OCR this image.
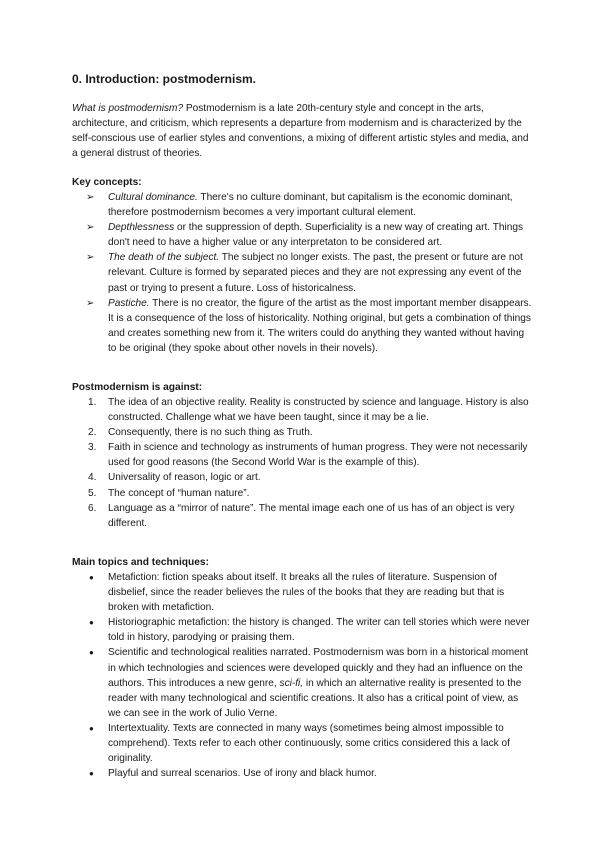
0. Introduction: postmodernism.

What is postmodernism? Postmodernism is a late 20th-century style and concept in the arts, architecture, and criticism, which represents a departure from modernism and is characterized by the self-conscious use of earlier styles and conventions, a mixing of different artistic styles and media, and a general distrust of theories.

Key concepts:

➢ Cultural dominance. There's no culture dominant, but capitalism is the economic dominant, therefore postmodernism becomes a very important cultural element.
➢ Depthlessness or the suppression of depth. Superficiality is a new way of creating art. Things don't need to have a higher value or any interpretaton to be considered art.
➢ The death of the subject. The subject no longer exists. The past, the present or future are not relevant. Culture is formed by separated pieces and they are not expressing any event of the past or trying to present a future. Loss of historicalness.
➢ Pastiche. There is no creator, the figure of the artist as the most important member disappears. It is a consequence of the loss of historicality. Nothing original, but gets a combination of things and creates something new from it. The writers could do anything they wanted without having to be original (they spoke about other novels in their novels).

Postmodernism is against:

1. The idea of an objective reality. Reality is constructed by science and language. History is also constructed. Challenge what we have been taught, since it may be a lie.
2. Consequently, there is no such thing as Truth.
3. Faith in science and technology as instruments of human progress. They were not necessarily used for good reasons (the Second World War is the example of this).
4. Universality of reason, logic or art.
5. The concept of “human nature”.
6. Language as a “mirror of nature”. The mental image each one of us has of an object is very different.

Main topics and techniques:

● Metafiction: fiction speaks about itself. It breaks all the rules of literature. Suspension of disbelief, since the reader believes the rules of the books that they are reading but that is broken with metafiction.
● Historiographic metafiction: the history is changed. The writer can tell stories which were never told in history, parodying or praising them.
● Scientific and technological realities narrated. Postmodernism was born in a historical moment in which technologies and sciences were developed quickly and they had an influence on the authors. This introduces a new genre, sci-fi, in which an alternative reality is presented to the reader with many technological and scientific creations. It also has a critical point of view, as we can see in the work of Julio Verne.
● Intertextuality. Texts are connected in many ways (sometimes being almost impossible to comprehend). Texts refer to each other continuously, some critics considered this a lack of originality.
● Playful and surreal scenarios. Use of irony and black humor.
